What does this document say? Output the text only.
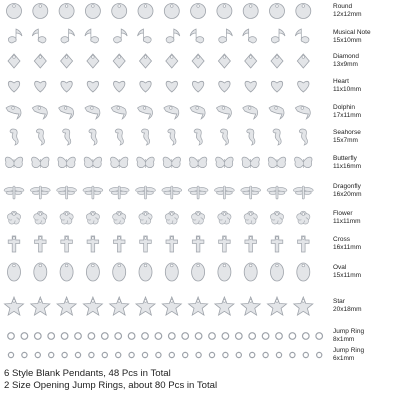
Round
12x12mm
Musical Note
15x10mm
Diamond
13x9mm
Heart
11x10mm
Dolphin
17x11mm
Seahorse
15x7mm
Butterfly
11x16mm
Dragonfly
16x20mm
Flower
11x11mm
Cross
16x11mm
Oval
15x11mm
Star
20x18mm
Jump Ring
8x1mm
Jump Ring
6x1mm
6 Style Blank Pendants, 48 Pcs in Total
2 Size Opening Jump Rings, about 80 Pcs in Total
